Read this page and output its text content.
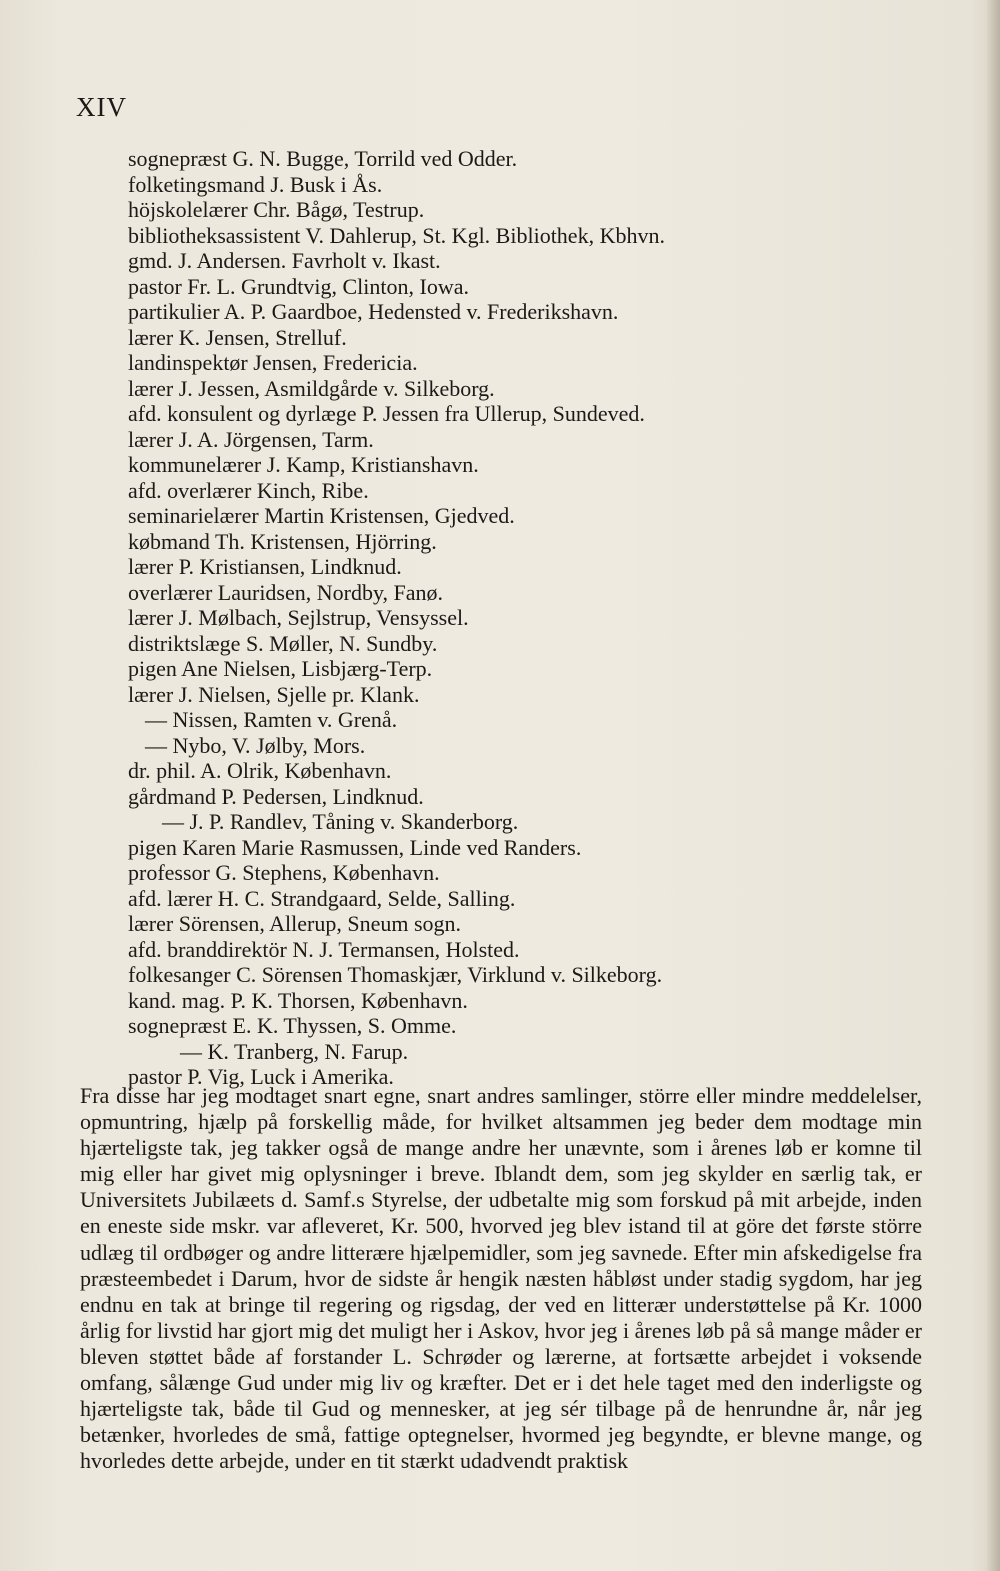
XIV
sognepræst G. N. Bugge, Torrild ved Odder.
folketingsmand J. Busk i Ås.
höjskolelærer Chr. Bågø, Testrup.
bibliotheksassistent V. Dahlerup, St. Kgl. Bibliothek, Kbhvn.
gmd. J. Andersen. Favrholt v. Ikast.
pastor Fr. L. Grundtvig, Clinton, Iowa.
partikulier A. P. Gaardboe, Hedensted v. Frederikshavn.
lærer K. Jensen, Strelluf.
landinspektør Jensen, Fredericia.
lærer J. Jessen, Asmildgårde v. Silkeborg.
afd. konsulent og dyrlæge P. Jessen fra Ullerup, Sundeved.
lærer J. A. Jörgensen, Tarm.
kommunelærer J. Kamp, Kristianshavn.
afd. overlærer Kinch, Ribe.
seminarielærer Martin Kristensen, Gjedved.
købmand Th. Kristensen, Hjörring.
lærer P. Kristiansen, Lindknud.
overlærer Lauridsen, Nordby, Fanø.
lærer J. Mølbach, Sejlstrup, Vensyssel.
distriktslæge S. Møller, N. Sundby.
pigen Ane Nielsen, Lisbjærg-Terp.
lærer J. Nielsen, Sjelle pr. Klank.
— Nissen, Ramten v. Grenå.
— Nybo, V. Jølby, Mors.
dr. phil. A. Olrik, København.
gårdmand P. Pedersen, Lindknud.
— J. P. Randlev, Tåning v. Skanderborg.
pigen Karen Marie Rasmussen, Linde ved Randers.
professor G. Stephens, København.
afd. lærer H. C. Strandgaard, Selde, Salling.
lærer Sörensen, Allerup, Sneum sogn.
afd. branddirektör N. J. Termansen, Holsted.
folkesanger C. Sörensen Thomaskjær, Virklund v. Silkeborg.
kand. mag. P. K. Thorsen, København.
sognepræst E. K. Thyssen, S. Omme.
— K. Tranberg, N. Farup.
pastor P. Vig, Luck i Amerika.

Fra disse har jeg modtaget snart egne, snart andres samlinger, större eller mindre meddelelser, opmuntring, hjælp på forskellig måde, for hvilket altsammen jeg beder dem modtage min hjærteligste tak, jeg takker også de mange andre her unævnte, som i årenes løb er komne til mig eller har givet mig oplysninger i breve. Iblandt dem, som jeg skylder en særlig tak, er Universitets Jubilæets d. Samf.s Styrelse, der udbetalte mig som forskud på mit arbejde, inden en eneste side mskr. var afleveret, Kr. 500, hvorved jeg blev istand til at göre det første större udlæg til ordbøger og andre litterære hjælpemidler, som jeg savnede. Efter min afskedigelse fra præsteembedet i Darum, hvor de sidste år hengik næsten håbløst under stadig sygdom, har jeg endnu en tak at bringe til regering og rigsdag, der ved en litterær understøttelse på Kr. 1000 årlig for livstid har gjort mig det muligt her i Askov, hvor jeg i årenes løb på så mange måder er bleven støttet både af forstander L. Schrøder og lærerne, at fortsætte arbejdet i voksende omfang, sålænge Gud under mig liv og kræfter. Det er i det hele taget med den inderligste og hjærteligste tak, både til Gud og mennesker, at jeg sér tilbage på de henrundne år, når jeg betænker, hvorledes de små, fattige optegnelser, hvormed jeg begyndte, er blevne mange, og hvorledes dette arbejde, under en tit stærkt udadvendt praktisk
